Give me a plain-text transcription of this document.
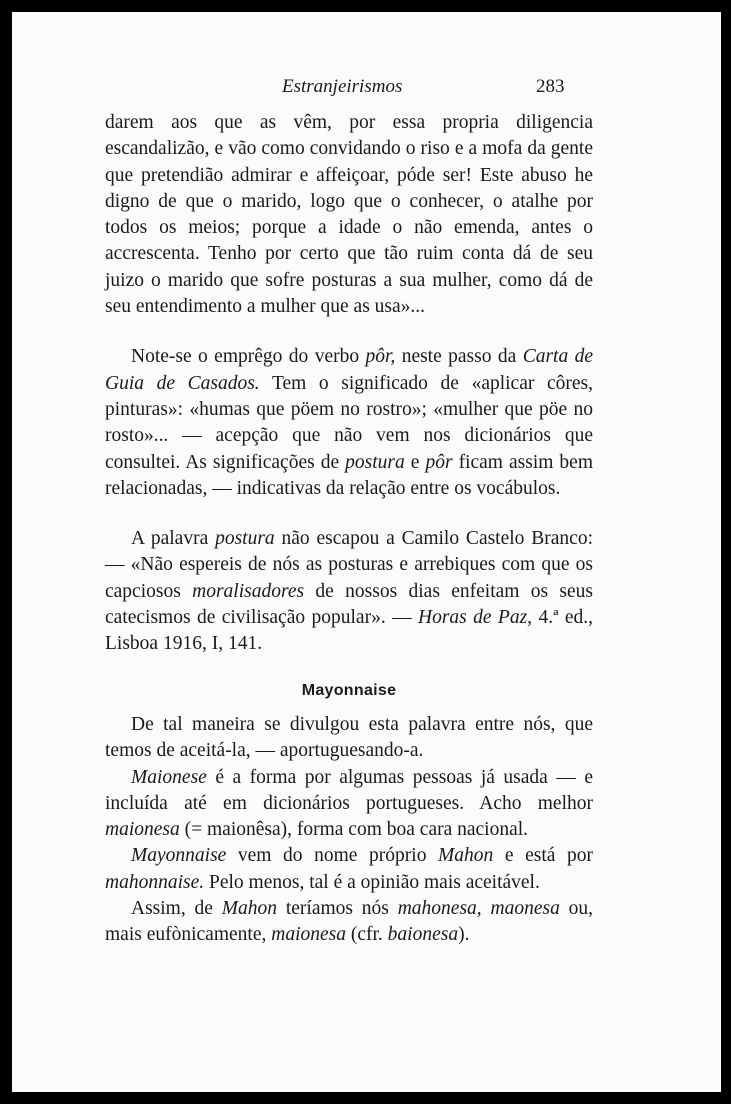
Estranjeirismos	283

darem aos que as vêm, por essa propria diligencia escandalizão, e vão como convidando o riso e a mofa da gente que pretendião admirar e affeiçoar, póde ser! Este abuso he digno de que o marido, logo que o conhecer, o atalhe por todos os meios; porque a idade o não emenda, antes o accrescenta. Tenho por certo que tão ruim conta dá de seu juizo o marido que sofre posturas a sua mulher, como dá de seu entendimento a mulher que as usa»...

Note-se o emprêgo do verbo pôr, neste passo da Carta de Guia de Casados. Tem o significado de «aplicar côres, pinturas»: «humas que pöem no rostro»; «mulher que pöe no rosto»... — acepção que não vem nos dicionários que consultei. As significações de postura e pôr ficam assim bem relacionadas, — indicativas da relação entre os vocábulos.

A palavra postura não escapou a Camilo Castelo Branco: — «Não espereis de nós as posturas e arrebiques com que os capciosos moralisadores de nossos dias enfeitam os seus catecismos de civilisação popular». — Horas de Paz, 4.ª ed., Lisboa 1916, I, 141.

Mayonnaise

De tal maneira se divulgou esta palavra entre nós, que temos de aceitá-la, — aportuguesando-a.

Maionese é a forma por algumas pessoas já usada — e incluída até em dicionários portugueses. Acho melhor maionesa (= maionêsa), forma com boa cara nacional.

Mayonnaise vem do nome próprio Mahon e está por mahonnaise. Pelo menos, tal é a opinião mais aceitável.

Assim, de Mahon teríamos nós mahonesa, maonesa ou, mais eufònicamente, maionesa (cfr. baionesa).
